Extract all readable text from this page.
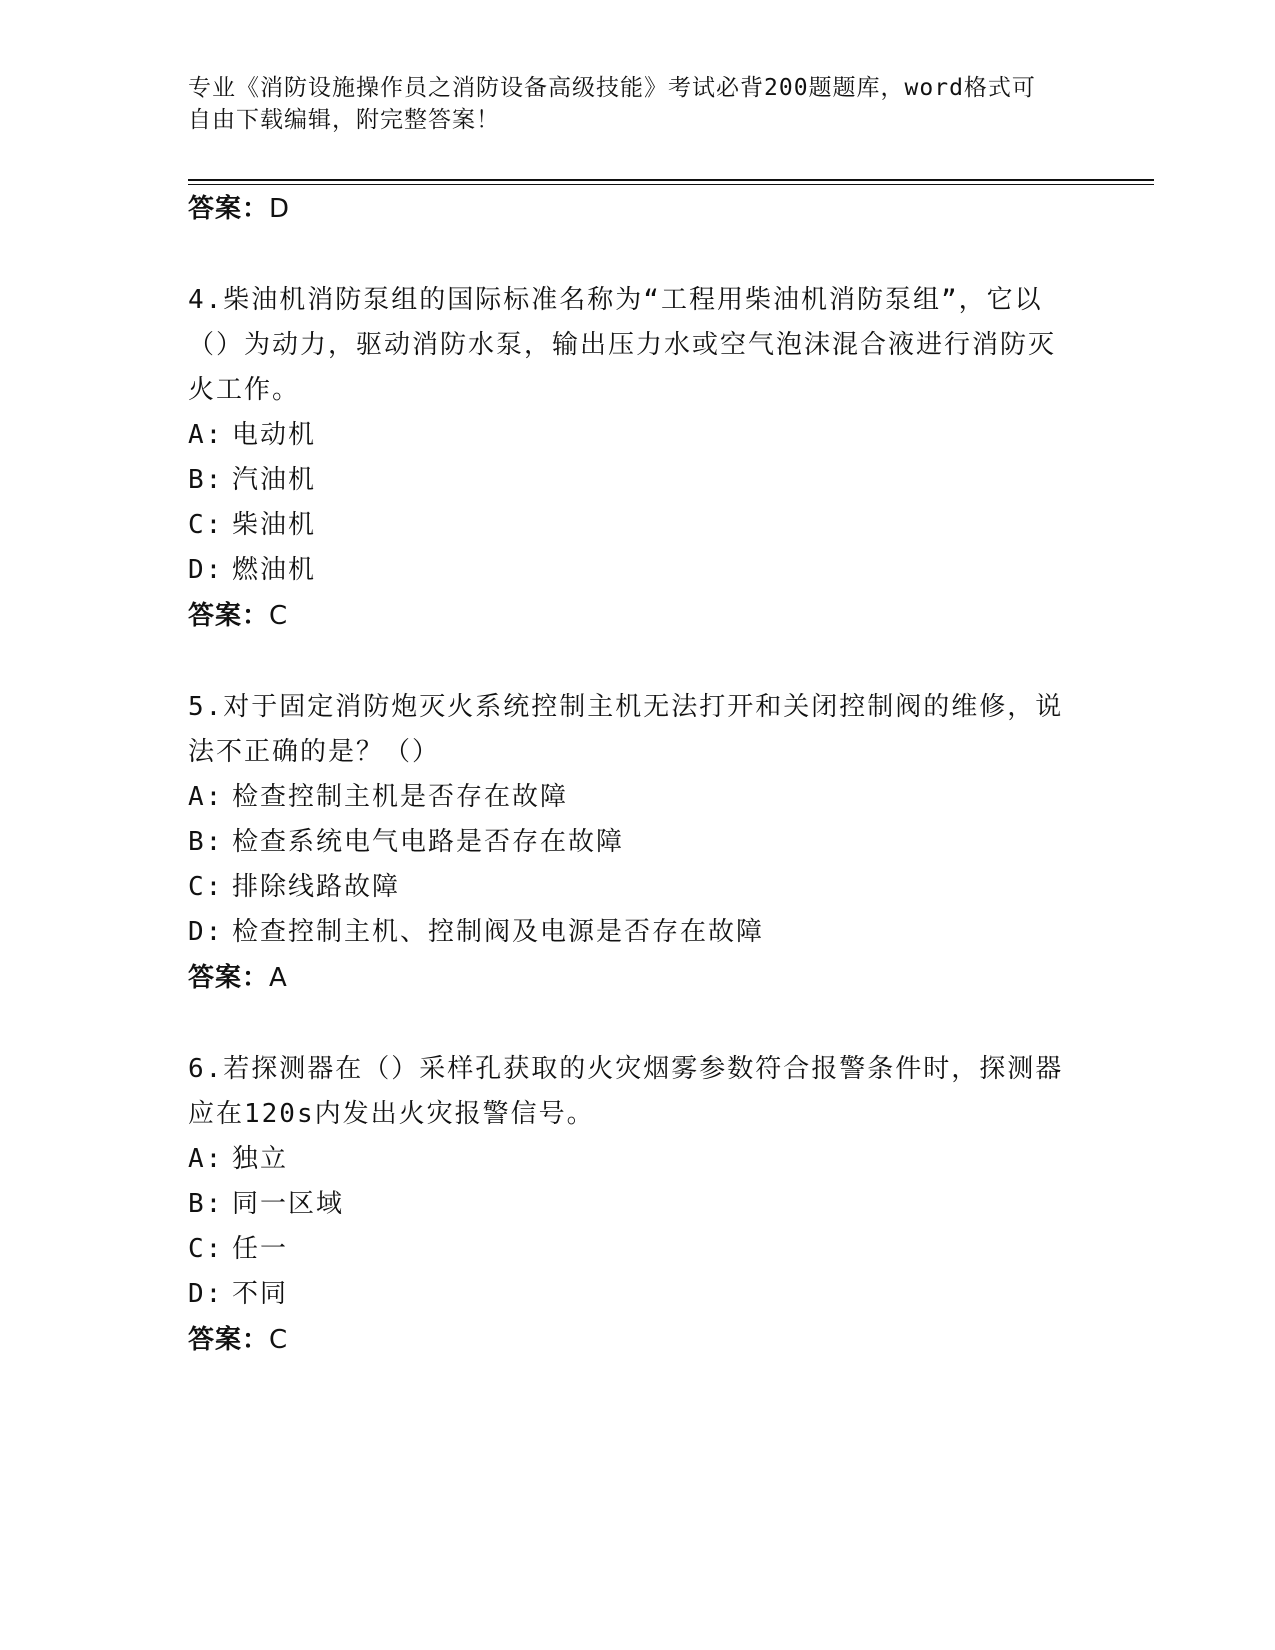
专业《消防设施操作员之消防设备高级技能》考试必背200题题库，word格式可
自由下载编辑，附完整答案！
答案：D
4.柴油机消防泵组的国际标准名称为“工程用柴油机消防泵组”，它以（）为动力，驱动消防水泵，输出压力水或空气泡沫混合液进行消防灭火工作。
A: 电动机
B: 汽油机
C: 柴油机
D: 燃油机
答案：C
5.对于固定消防炮灭火系统控制主机无法打开和关闭控制阀的维修，说法不正确的是？（）
A: 检查控制主机是否存在故障
B: 检查系统电气电路是否存在故障
C: 排除线路故障
D: 检查控制主机、控制阀及电源是否存在故障
答案：A
6.若探测器在（）采样孔获取的火灾烟雾参数符合报警条件时，探测器应在120s内发出火灾报警信号。
A: 独立
B: 同一区域
C: 任一
D: 不同
答案：C
